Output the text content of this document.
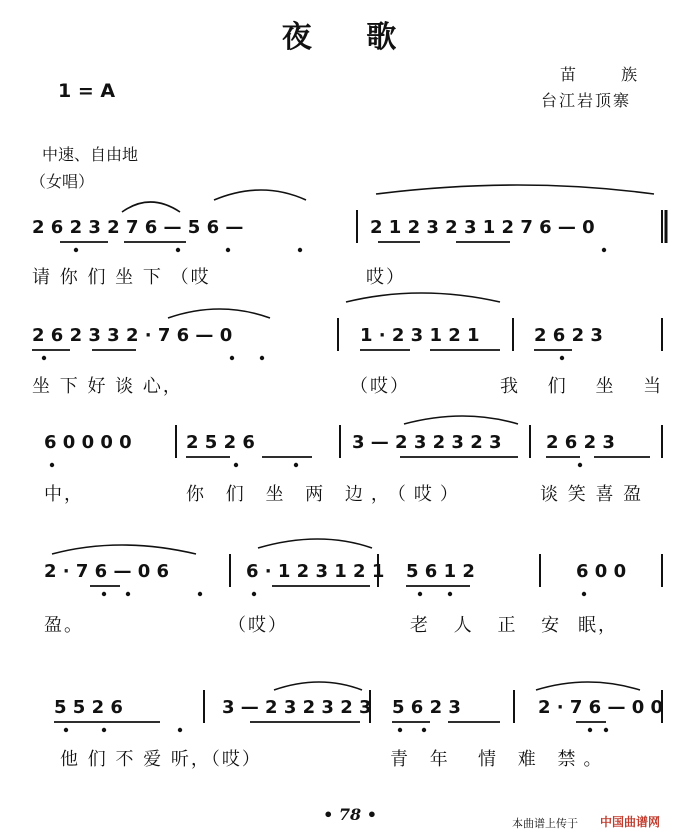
夜 歌
1 = A
苗 族
台江岩顶寨
中速、自由地
（女唱）
2 6 2 3 2 7 6 — 5 6 —	2 1 2 3 2 3 1 2 7 6 — 0
请 你 们 坐 下 （哎	哎）
2 6 2 3 3 2 · 7 6 — 0	1 · 2 3 1 2 1	2 6 2 3
坐 下 好 谈 心，	（哎）	我 们 坐 当
6 0 0 0 0	2 5 2 6	3 — 2 3 2 3 2 3 2 6 2 3
中，	你 们 坐 两 边，（哎）	谈 笑 喜 盈
2 · 7 6 — 0 6	6 · 1 2 3 1 2 1 5 6 1 2	6 0 0
盈。	（哎）	老 人 正 安 眠，
5 5 2 6	3 — 2 3 2 3 2 3 5 6 2 3	2 · 7 6 — 0 0
他 们 不 爱 听，（哎）	青 年 情 难 禁。
• 78 •	本曲谱上传于 中国曲谱网
